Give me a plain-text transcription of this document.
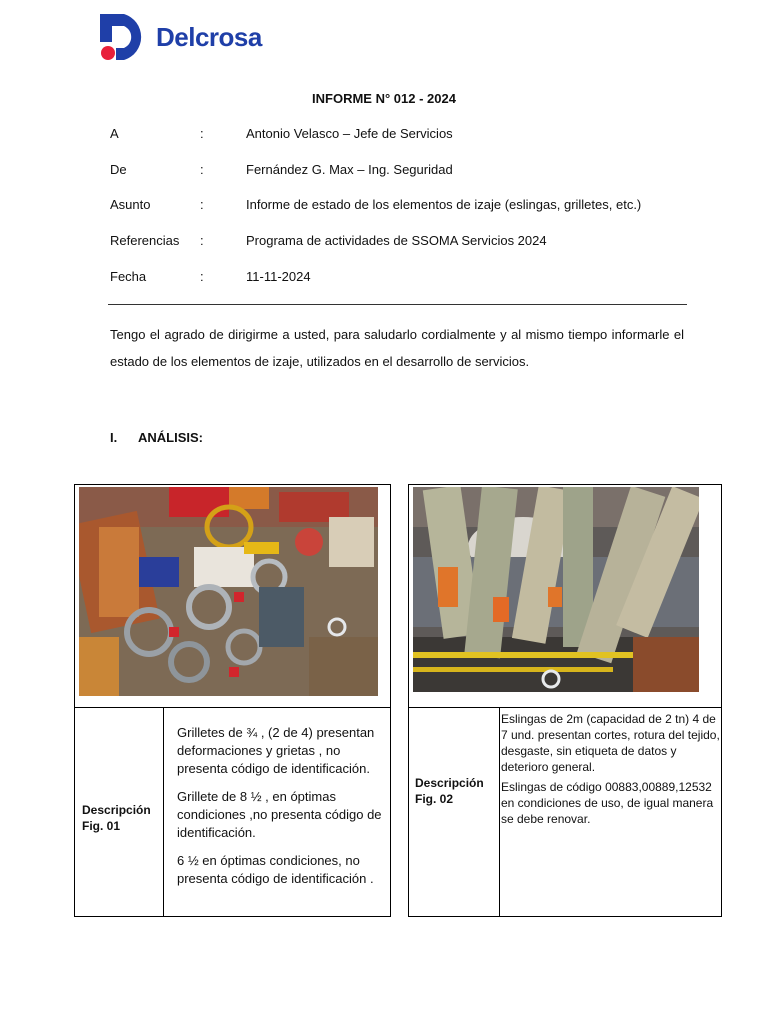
Delcrosa
INFORME N° 012 - 2024
A	:	Antonio Velasco – Jefe de Servicios
De	:	Fernández G. Max – Ing. Seguridad
Asunto	:	Informe de estado de los elementos de izaje (eslingas, grilletes, etc.)
Referencias	:	Programa de actividades de SSOMA Servicios 2024
Fecha	:	11-11-2024
Tengo el agrado de dirigirme a usted, para saludarlo cordialmente y al mismo tiempo informarle el estado de los elementos de izaje, utilizados en el desarrollo de servicios.
I. ANÁLISIS:
Descripción Fig. 01

Grilletes de ¾ , (2 de 4) presentan deformaciones y grietas , no presenta código de identificación.

Grillete de 8 ½ , en óptimas condiciones ,no presenta código de identificación.

6 ½ en óptimas condiciones, no presenta código de identificación .

Descripción Fig. 02

Eslingas de 2m (capacidad de 2 tn) 4 de 7 und. presentan cortes, rotura del tejido, desgaste, sin etiqueta de datos y deterioro general.

Eslingas de código 00883,00889,12532 en condiciones de uso, de igual manera se debe renovar.
